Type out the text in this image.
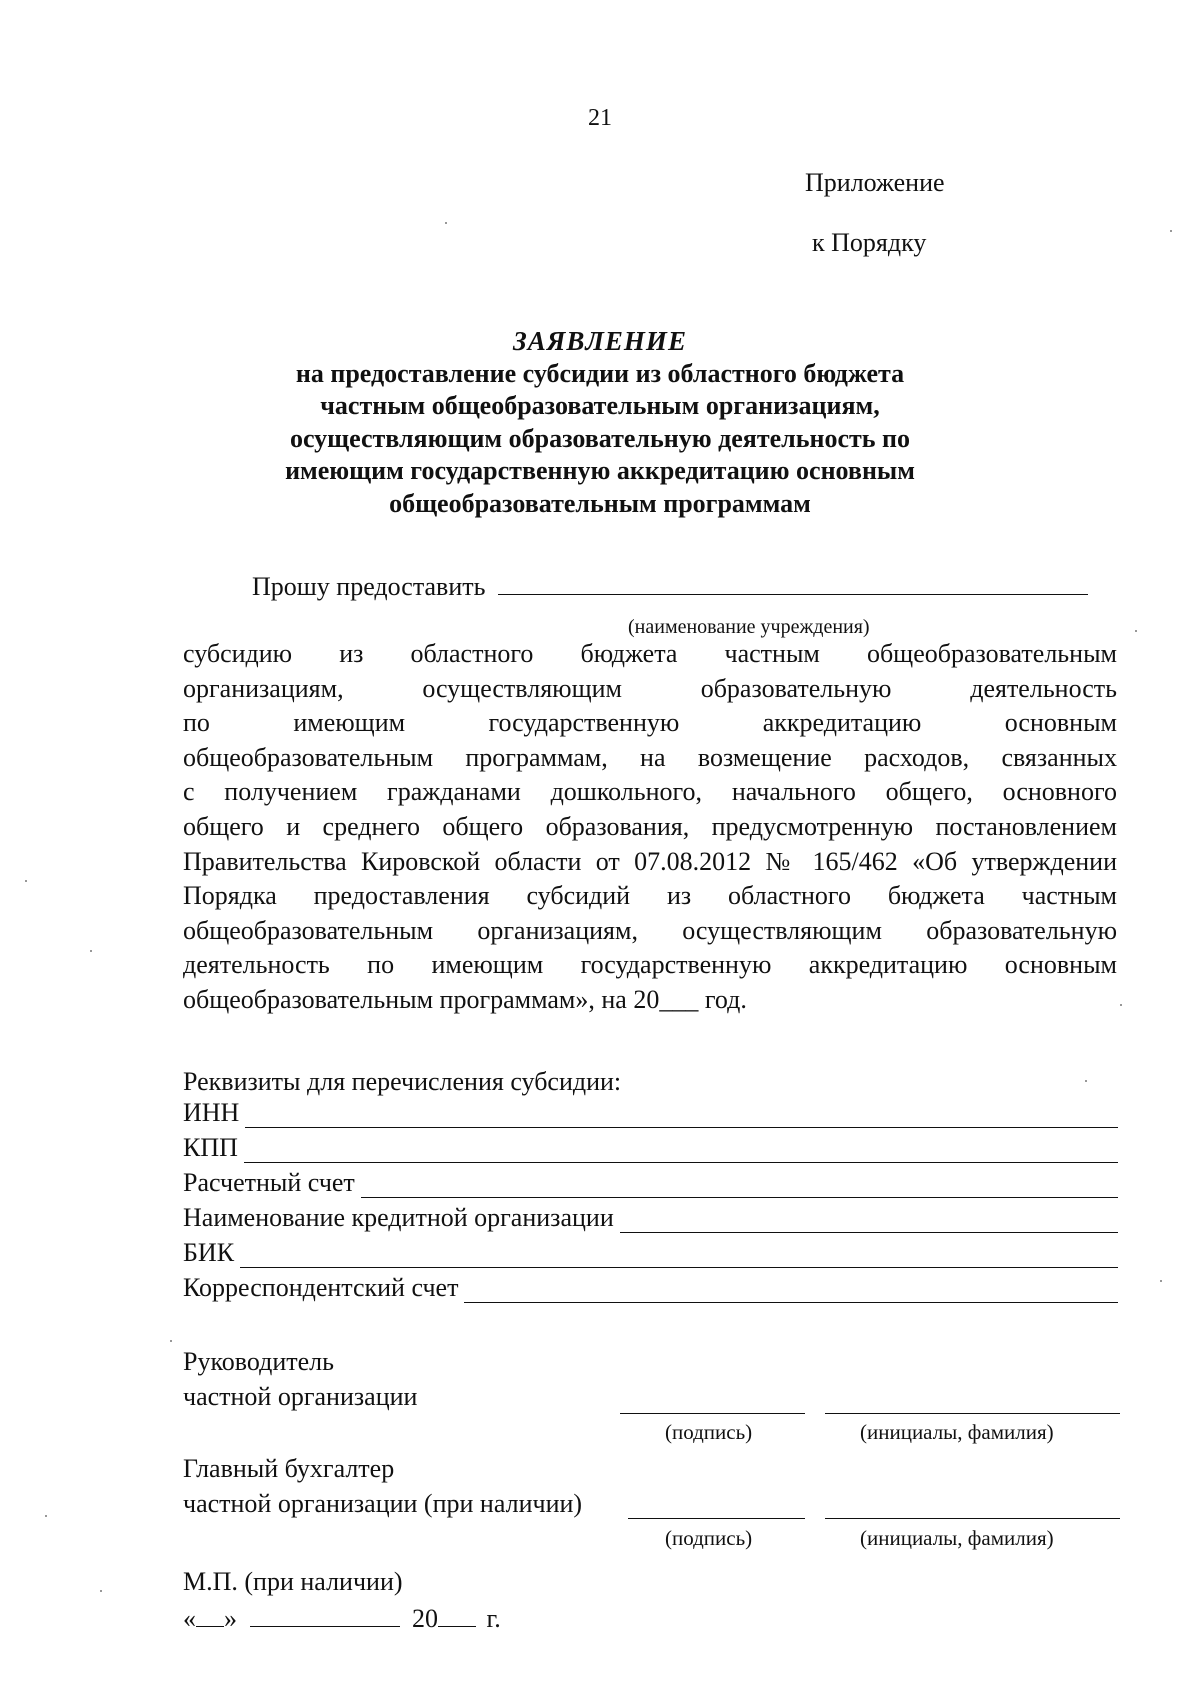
21
Приложение
к Порядку
ЗАЯВЛЕНИЕ
на предоставление субсидии из областного бюджета
частным общеобразовательным организациям,
осуществляющим образовательную деятельность по
имеющим государственную аккредитацию основным
общеобразовательным программам
Прошу предоставить
(наименование учреждения)
субсидию из областного бюджета частным общеобразовательным
организациям, осуществляющим образовательную деятельность
по имеющим государственную аккредитацию основным
общеобразовательным программам, на возмещение расходов, связанных
с получением гражданами дошкольного, начального общего, основного
общего и среднего общего образования, предусмотренную постановлением
Правительства Кировской области от 07.08.2012 № 165/462 «Об утверждении
Порядка предоставления субсидий из областного бюджета частным
общеобразовательным организациям, осуществляющим образовательную
деятельность по имеющим государственную аккредитацию основным
общеобразовательным программам», на 20___ год.
Реквизиты для перечисления субсидии:
ИНН
КПП
Расчетный счет
Наименование кредитной организации
БИК
Корреспондентский счет
Руководитель
частной организации
(подпись)	(инициалы, фамилия)
Главный бухгалтер
частной организации (при наличии)
(подпись)	(инициалы, фамилия)
М.П. (при наличии)
« »	20 г.
